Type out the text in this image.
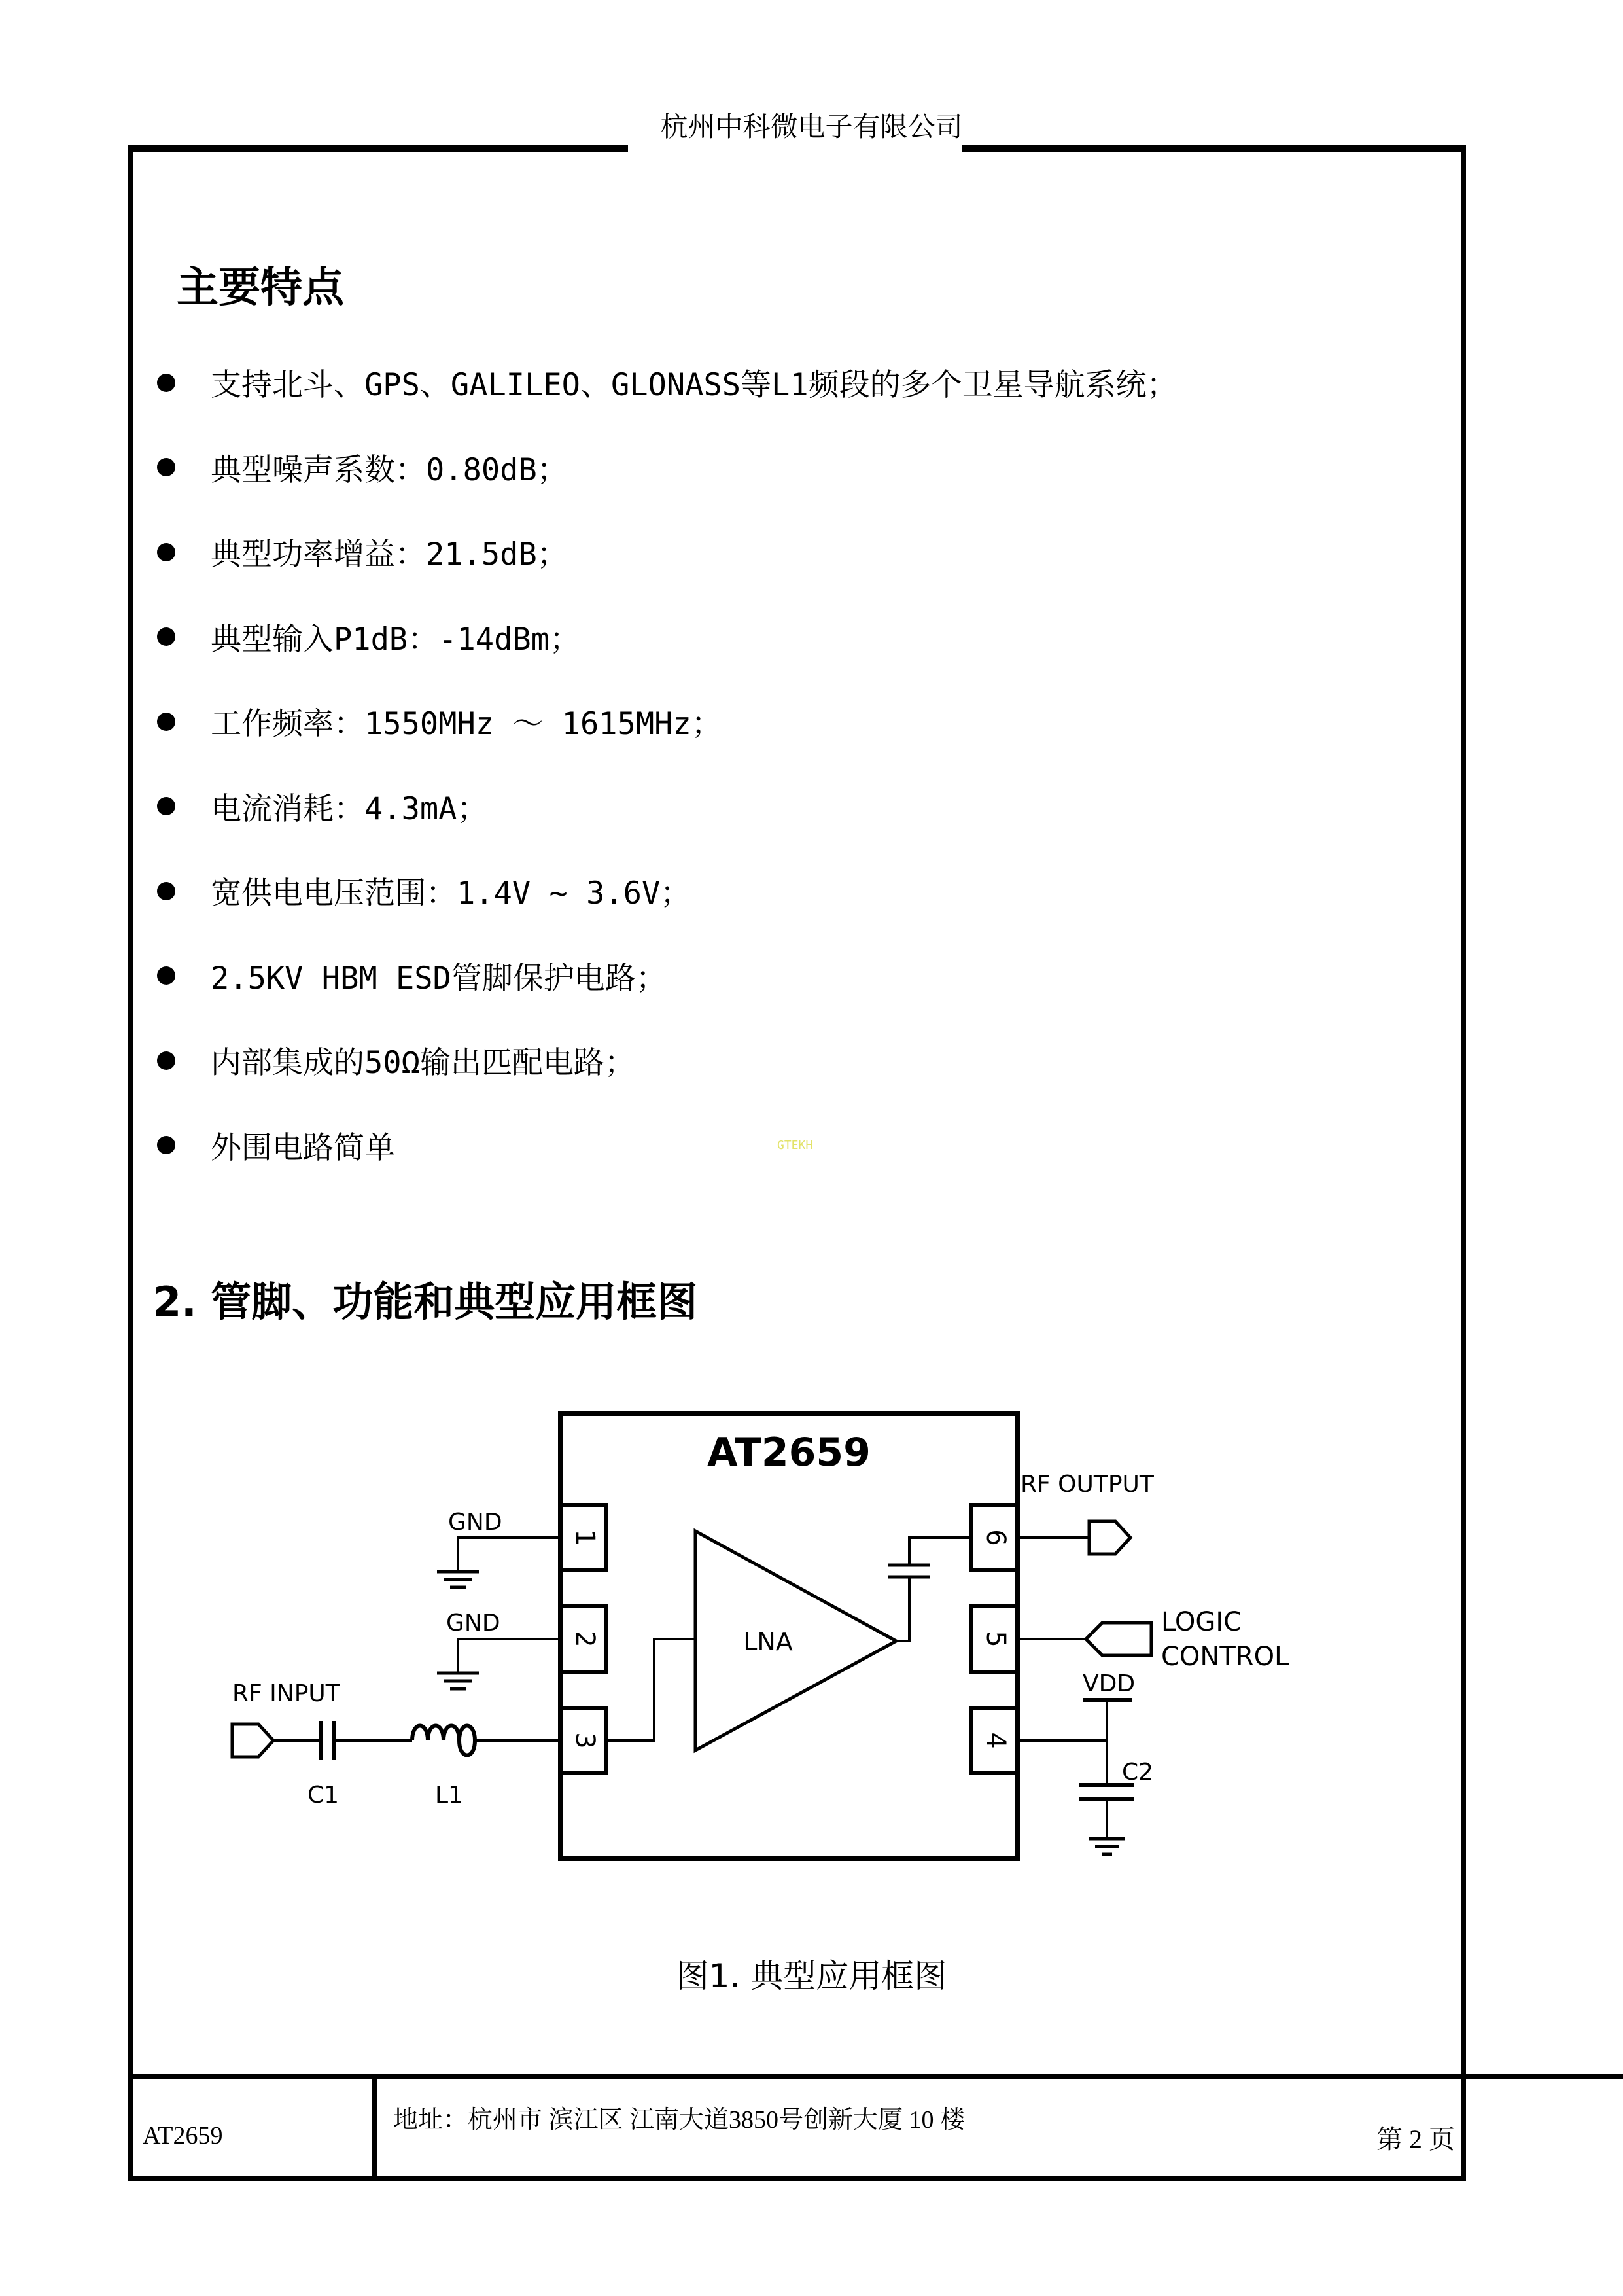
杭州中科微电子有限公司
主要特点
支持北斗、GPS、GALILEO、GLONASS等L1频段的多个卫星导航系统；
典型噪声系数：0.80dB；
典型功率增益：21.5dB；
典型输入P1dB：-14dBm；
工作频率：1550MHz ～ 1615MHz；
电流消耗：4.3mA；
宽供电电压范围：1.4V ~ 3.6V；
2.5KV HBM ESD管脚保护电路；
内部集成的50Ω输出匹配电路；
外围电路简单	GTEKH
2. 管脚、功能和典型应用框图
AT2659
1
2
3	4
5
6
LNA
GND
GND
RF INPUT
C1	L1
RF OUTPUT
LOGIC
CONTROL
VDD
C2
图1. 典型应用框图
AT2659
地址：杭州市 滨江区 江南大道3850号创新大厦 10 楼
第 2 页
